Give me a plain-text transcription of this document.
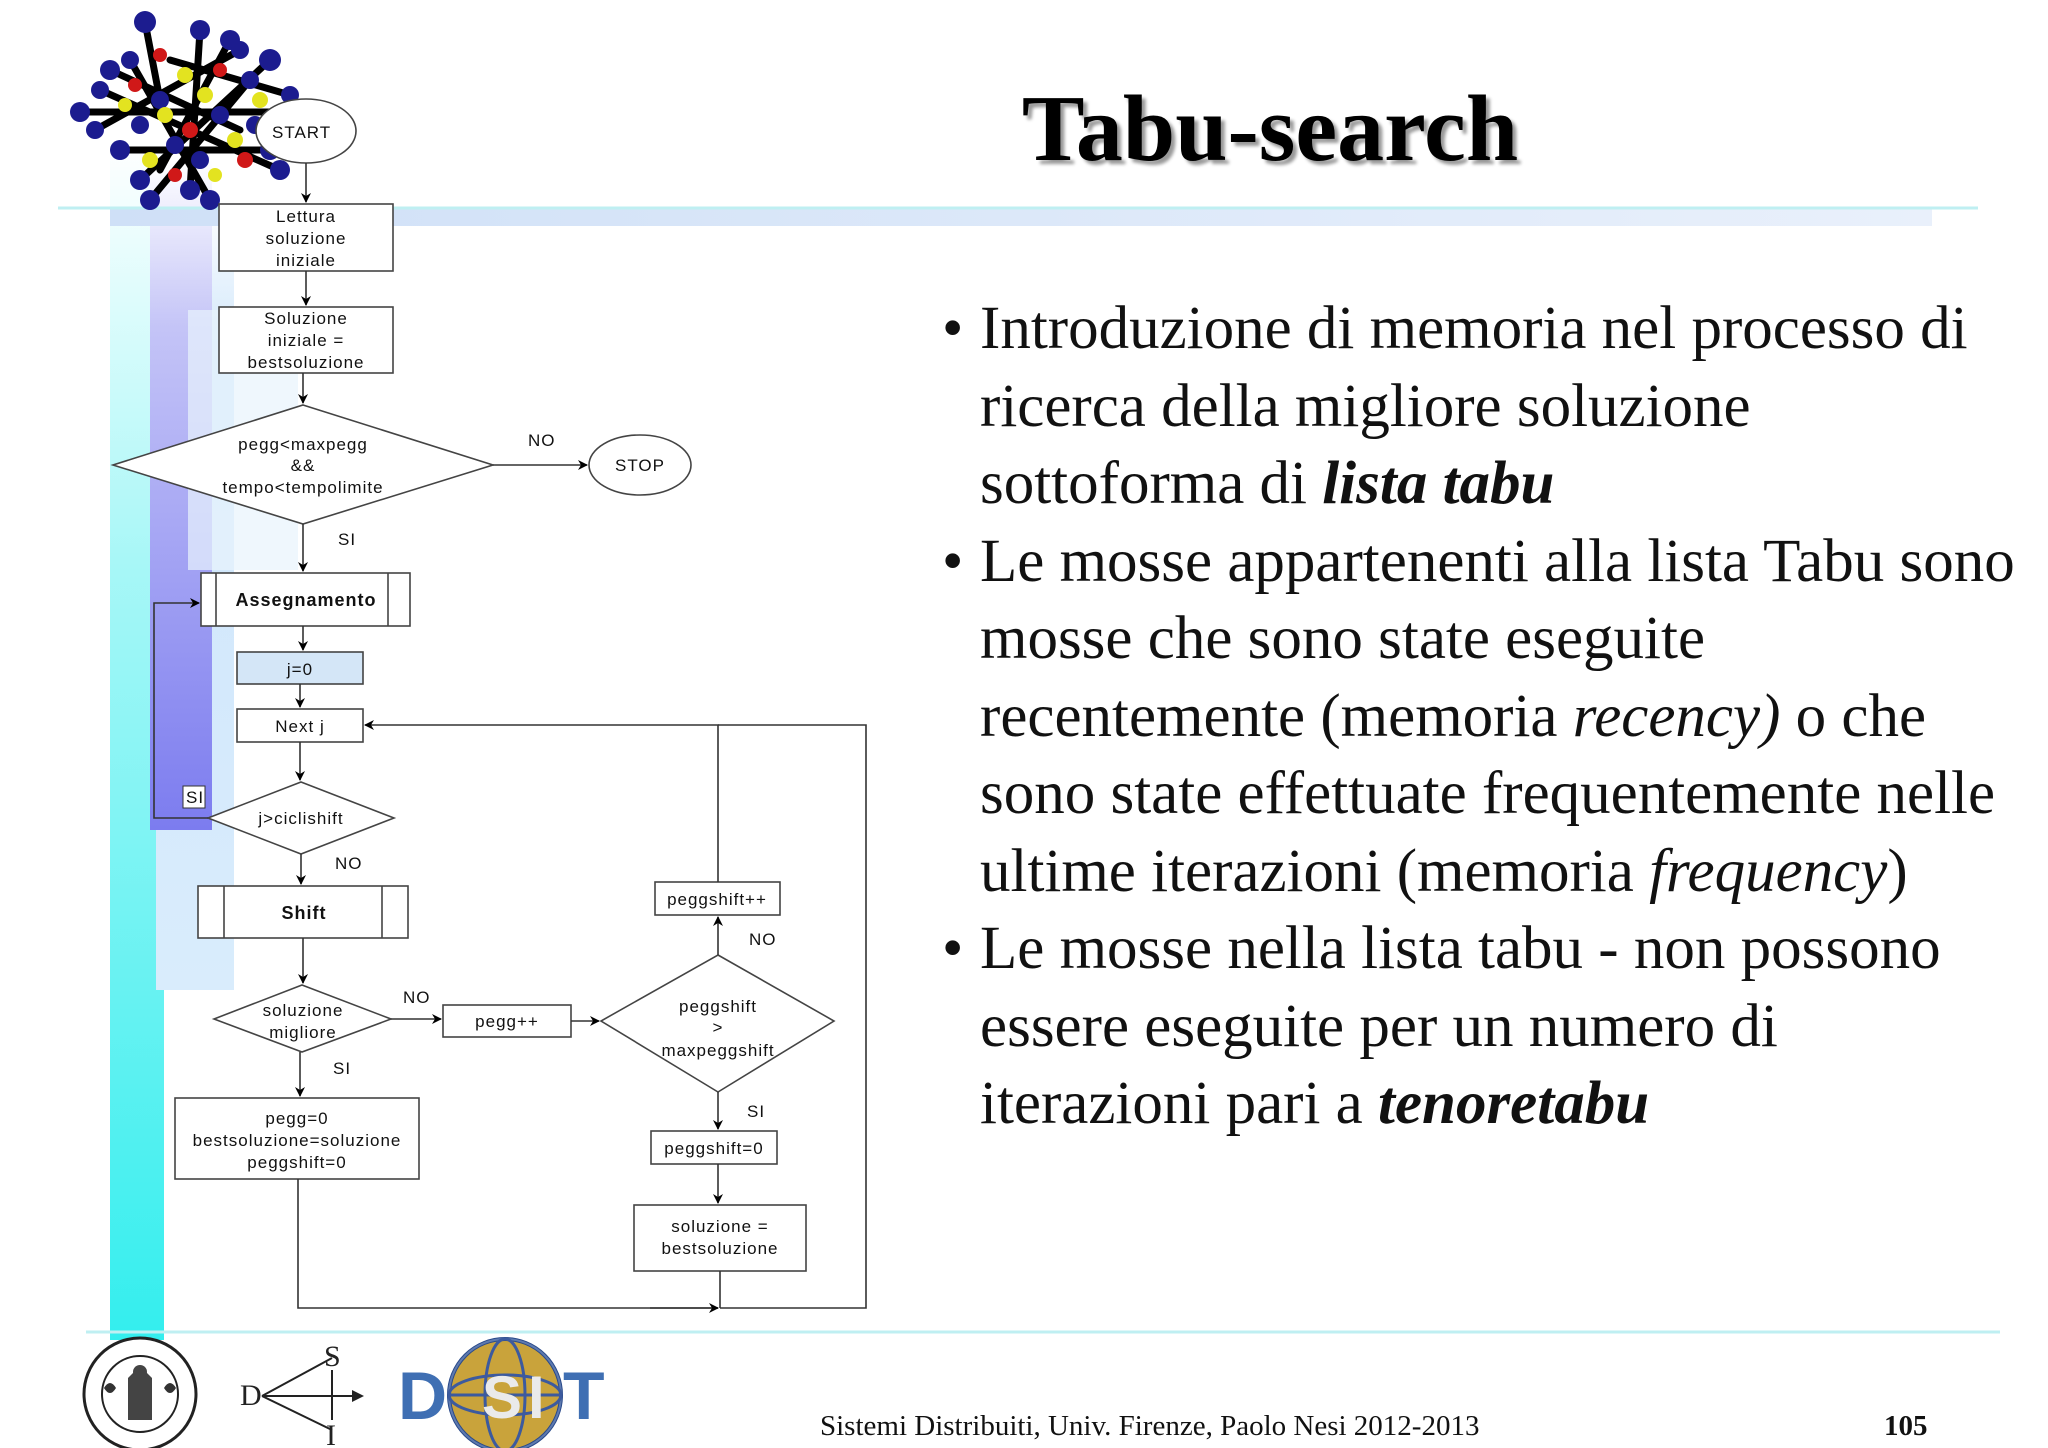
START
Lettura
soluzione
iniziale
Soluzione
iniziale =
bestsoluzione
pegg<maxpegg
&&
tempo<tempolimite
NO
STOP
SI
Assegnamento
j=0
Next j
SI
j>ciclishift
NO
Shift
soluzione
migliore
NO
pegg++
SI
peggshift
>
maxpeggshift
peggshift++
NO
SI
pegg=0
bestsoluzione=soluzione
peggshift=0
peggshift=0
soluzione =
bestsoluzione
D
S
I
D S I T
Tabu-search
• Introduzione di memoria nel processo di ricerca della migliore soluzione sottoforma di lista tabu
• Le mosse appartenenti alla lista Tabu sono mosse che sono state eseguite recentemente (memoria recency) o che sono state effettuate frequentemente nelle ultime iterazioni (memoria frequency)
• Le mosse nella lista tabu - non possono essere eseguite per un numero di iterazioni pari a tenoretabu
Sistemi Distribuiti, Univ. Firenze, Paolo Nesi 2012-2013	105
